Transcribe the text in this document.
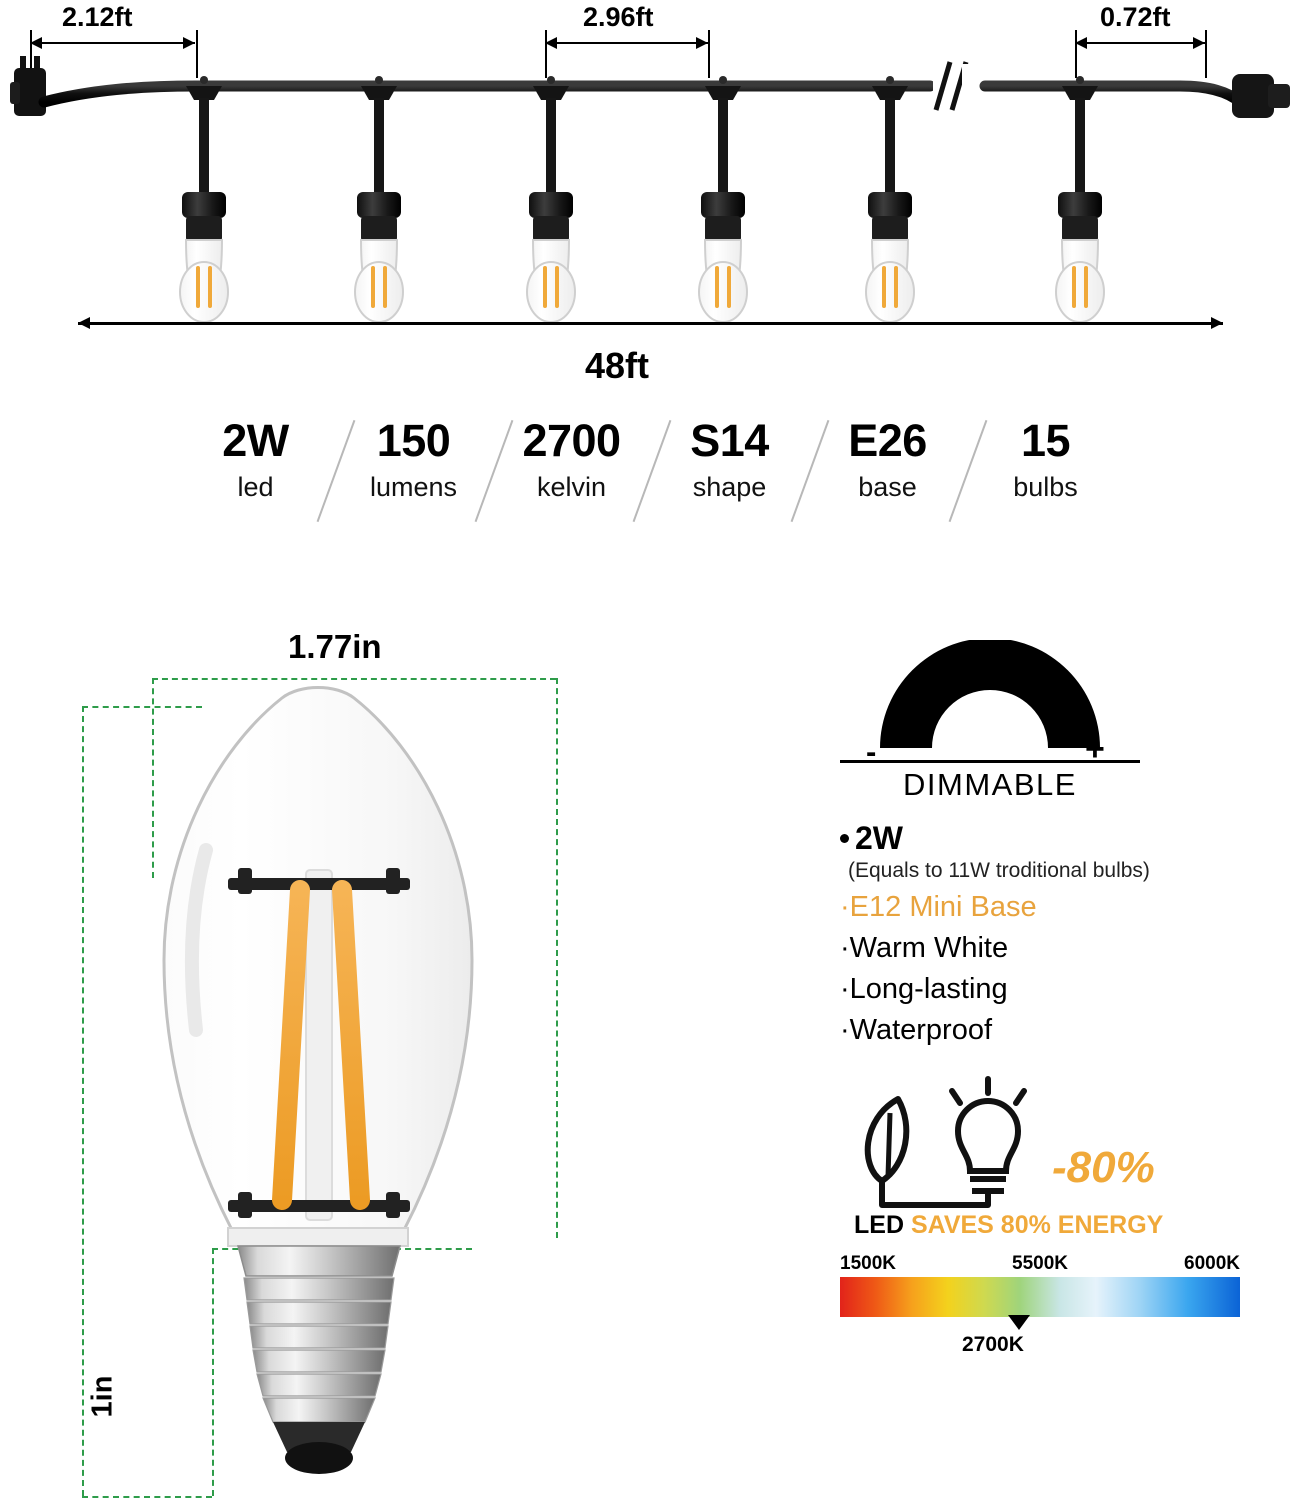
2.12ft	2.96ft	0.72ft
48ft
2W
led
150
lumens
2700
kelvin
S14
shape
E26
base
15
bulbs
1.77in
1in
-	+
DIMMABLE
2W
(Equals to 11W troditional bulbs)
·E12 Mini Base
·Warm White
·Long-lasting
·Waterproof
-80%
LED SAVES 80% ENERGY
1500K	5500K	6000K
2700K
